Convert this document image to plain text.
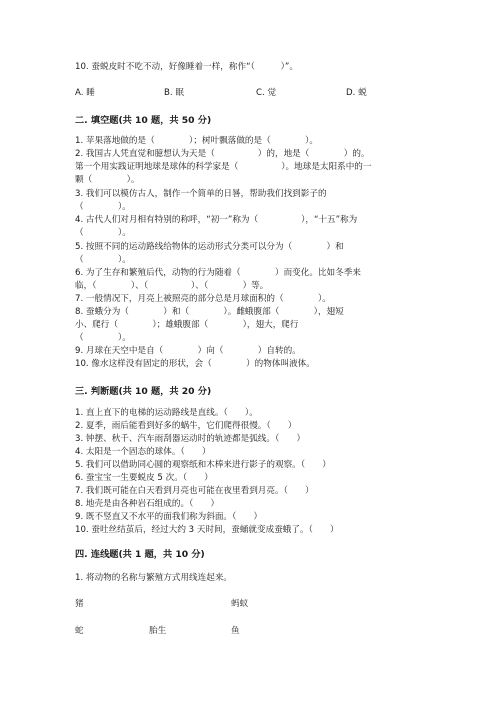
10. 蚕蜕皮时不吃不动，好像睡着一样，称作“（　　　）”。
A. 睡	B. 眠	C. 觉	D. 蜕
二. 填空题(共 10 题，共 50 分)
1. 苹果落地做的是（　　　　）；树叶飘落做的是（　　　　）。
2. 我国古人凭直觉和臆想认为天是（　　　　　）的，地是（　　　　）的。
第一个用实践证明地球是球体的科学家是（　　　　　）。地球是太阳系中的一
颗（　　　　）。
3. 我们可以模仿古人，制作一个简单的日晷，帮助我们找到影子的
（　　　　）。
4. 古代人们对月相有特别的称呼，“初一”称为（　　　　　），“十五”称为
（　　　　）。
5. 按照不同的运动路线给物体的运动形式分类可以分为（　　　　）和
（　　　　）。
6. 为了生存和繁殖后代，动物的行为随着（　　　　）而变化。比如冬季来
临，（　　　　）、（　　　　　）、（　　　　）等。
7. 一般情况下，月亮上被照亮的部分总是月球面积的（　　　　）。
8. 蚕蛾分为（　　　　）和（　　　　）。雌蛾腹部（　　　　），翅短
小、爬行（　　　　）；雄蛾腹部（　　　　），翅大，爬行
（　　　　）。
9. 月球在天空中是自（　　　　）向（　　　　）自转的。
10. 像水这样没有固定的形状，会（　　　　）的物体叫液体。
三. 判断题(共 10 题，共 20 分)
1. 直上直下的电梯的运动路线是直线。（　　）。
2. 夏季，雨后能看到好多的蜗牛，它们爬得很慢。（　　）
3. 钟摆、秋千、汽车雨刮器运动时的轨迹都是弧线。（　　）
4. 太阳是一个固态的球体。（　　）
5. 我们可以借助同心圆的观察纸和木棒来进行影子的观察。（　　）
6. 蚕宝宝一生要蜕皮 5 次。（　　）
7. 我们既可能在白天看到月亮也可能在夜里看到月亮。（　　）
8. 地壳是由各种岩石组成的。（　　）
9. 既不竖直又不水平的面我们称为斜面。（　　）
10. 蚕吐丝结茧后，经过大约 3 天时间，蚕蛹就变成蚕蛾了。（　　）
四. 连线题(共 1 题，共 10 分)
1. 将动物的名称与繁殖方式用线连起来。
猪	蚂蚁
蛇	胎生	鱼
